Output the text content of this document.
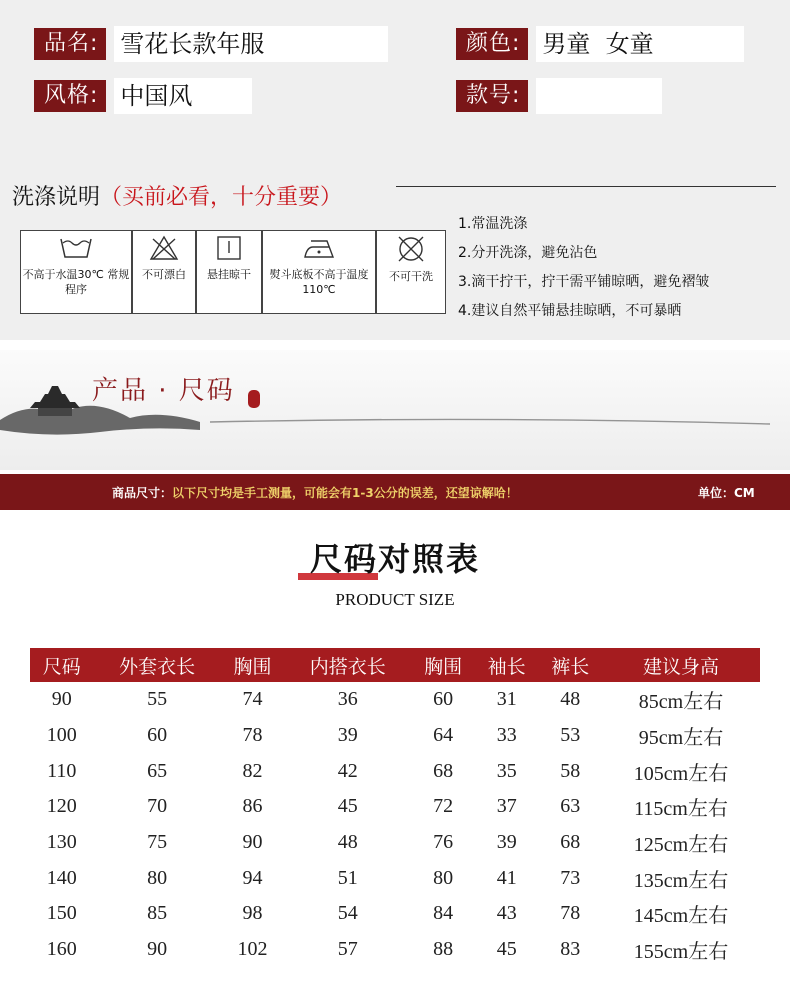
品名: 雪花长款年服	颜色: 男童  女童
风格: 中国风	款号:
洗涤说明（买前必看，十分重要）
不高于水温30℃ 常规程序
不可漂白 悬挂晾干	熨斗底板不高于温度110℃
不可干洗
1.常温洗涤
2.分开洗涤，避免沾色
3.滴干拧干，拧干需平铺晾晒，避免褶皱
4.建议自然平铺悬挂晾晒，不可暴晒
产品 · 尺码
商品尺寸：以下尺寸均是手工测量，可能会有1-3公分的误差，还望谅解哈！	单位：CM
尺码对照表
PRODUCT SIZE
尺码	外套衣长	胸围	内搭衣长	胸围	袖长	裤长	建议身高
90	55	74	36	60	31	48	85cm左右
100	60	78	39	64	33	53	95cm左右
110	65	82	42	68	35	58	105cm左右
120	70	86	45	72	37	63	115cm左右
130	75	90	48	76	39	68	125cm左右
140	80	94	51	80	41	73	135cm左右
150	85	98	54	84	43	78	145cm左右
160	90	102	57	88	45	83	155cm左右
